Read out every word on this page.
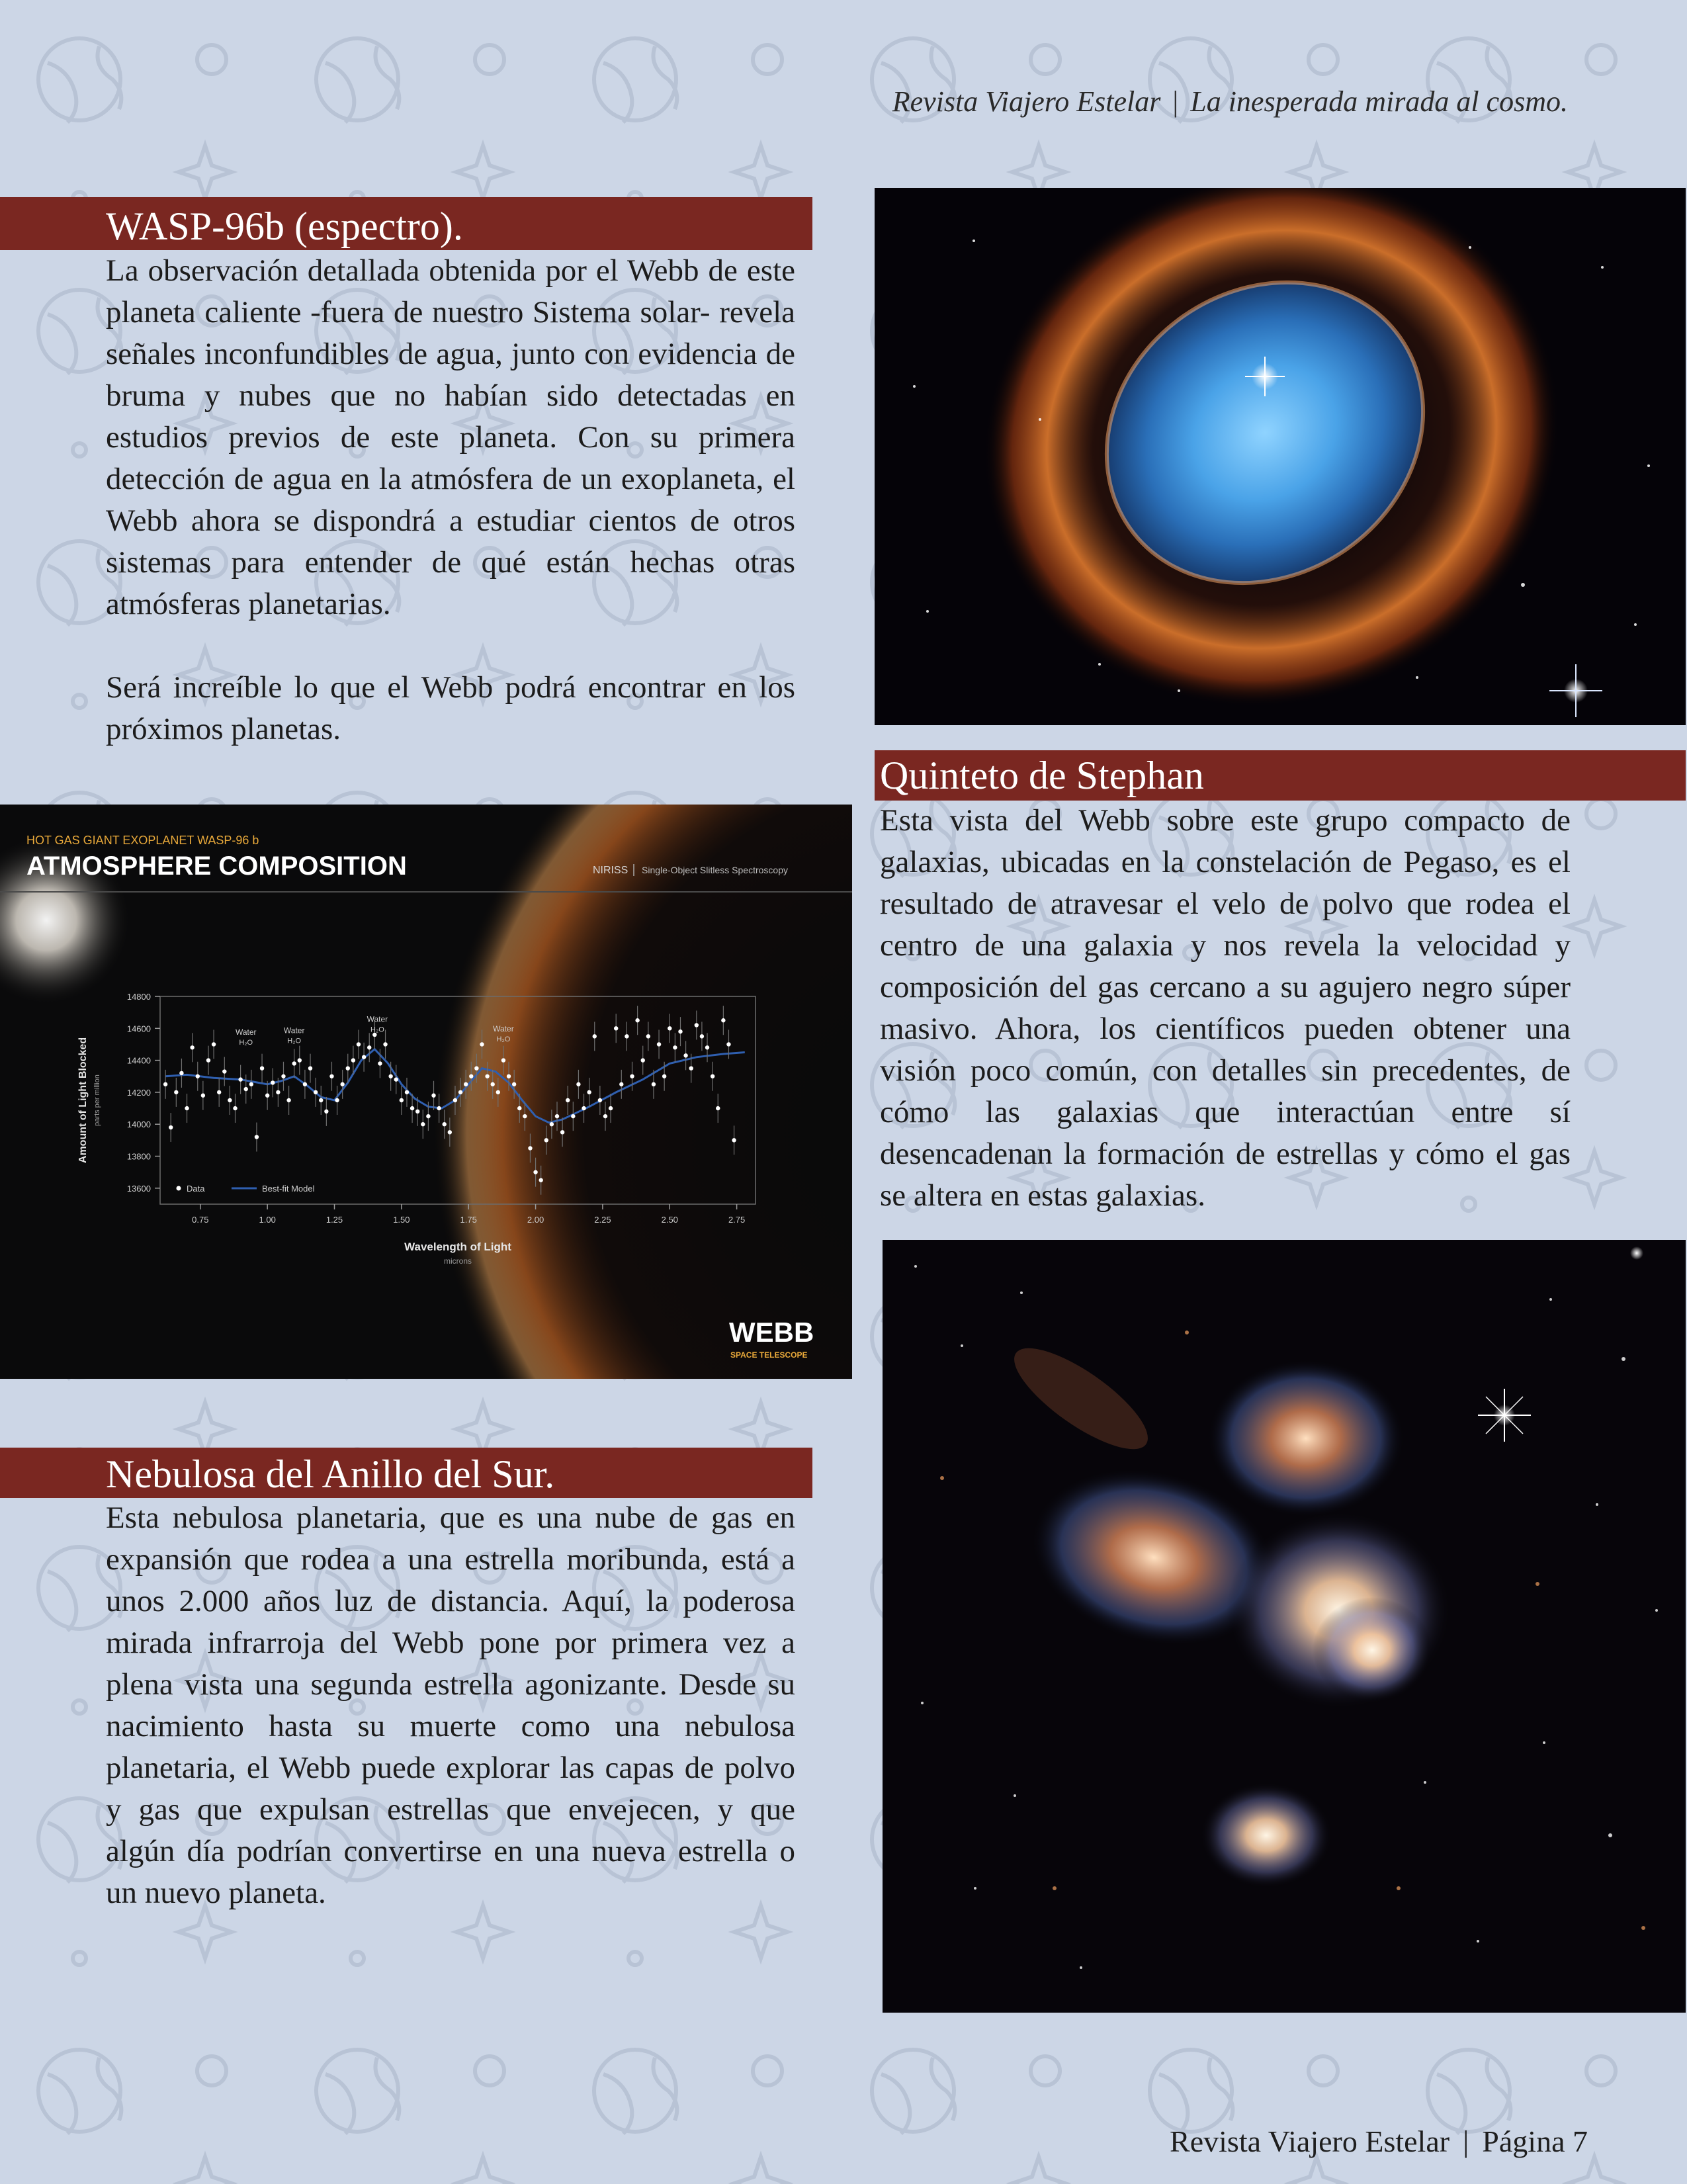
Revista Viajero Estelar | La inesperada mirada al cosmo.
WASP-96b (espectro).

La observación detallada obtenida por el Webb de este planeta caliente -fuera de nuestro Sistema solar- revela señales inconfundibles de agua, junto con evidencia de bruma y nubes que no habían sido detectadas en estudios previos de este planeta. Con su primera detección de agua en la atmósfera de un exoplaneta, el Webb ahora se dispondrá a estudiar cientos de otros sistemas para entender de qué están hechas otras atmósferas planetarias.

Será increíble lo que el Webb podrá encontrar en los próximos planetas.

HOT GAS GIANT EXOPLANET WASP-96 b
ATMOSPHERE COMPOSITION	NIRISS Single-Object Slitless Spectroscopy
13600
13800
14000
14200
14400
14600
14800
0.75	1.00	1.25	1.50	1.75	2.00	2.25	2.50	2.75
Wavelength of Light
microns
Amount of Light Blocked parts per million
Water
H₂O
Water
H₂O
Water
H₂O	Water
H₂O
Data	Best-fit Model
WEBB
SPACE TELESCOPE
Quinteto de Stephan

Esta vista del Webb sobre este grupo compacto de galaxias, ubicadas en la constelación de Pegaso, es el resultado de atravesar el velo de polvo que rodea el centro de una galaxia y nos revela la velocidad y composición del gas cercano a su agujero negro súper masivo. Ahora, los científicos pueden obtener una visión poco común, con detalles sin precedentes, de cómo las galaxias que interactúan entre sí desencadenan la formación de estrellas y cómo el gas se altera en estas galaxias.

Nebulosa del Anillo del Sur.

Esta nebulosa planetaria, que es una nube de gas en expansión que rodea a una estrella moribunda, está a unos 2.000 años luz de distancia. Aquí, la poderosa mirada infrarroja del Webb pone por primera vez a plena vista una segunda estrella agonizante. Desde su nacimiento hasta su muerte como una nebulosa planetaria, el Webb puede explorar las capas de polvo y gas que expulsan estrellas que envejecen, y que algún día podrían convertirse en una nueva estrella o un nuevo planeta.

Revista Viajero Estelar | Página 7
